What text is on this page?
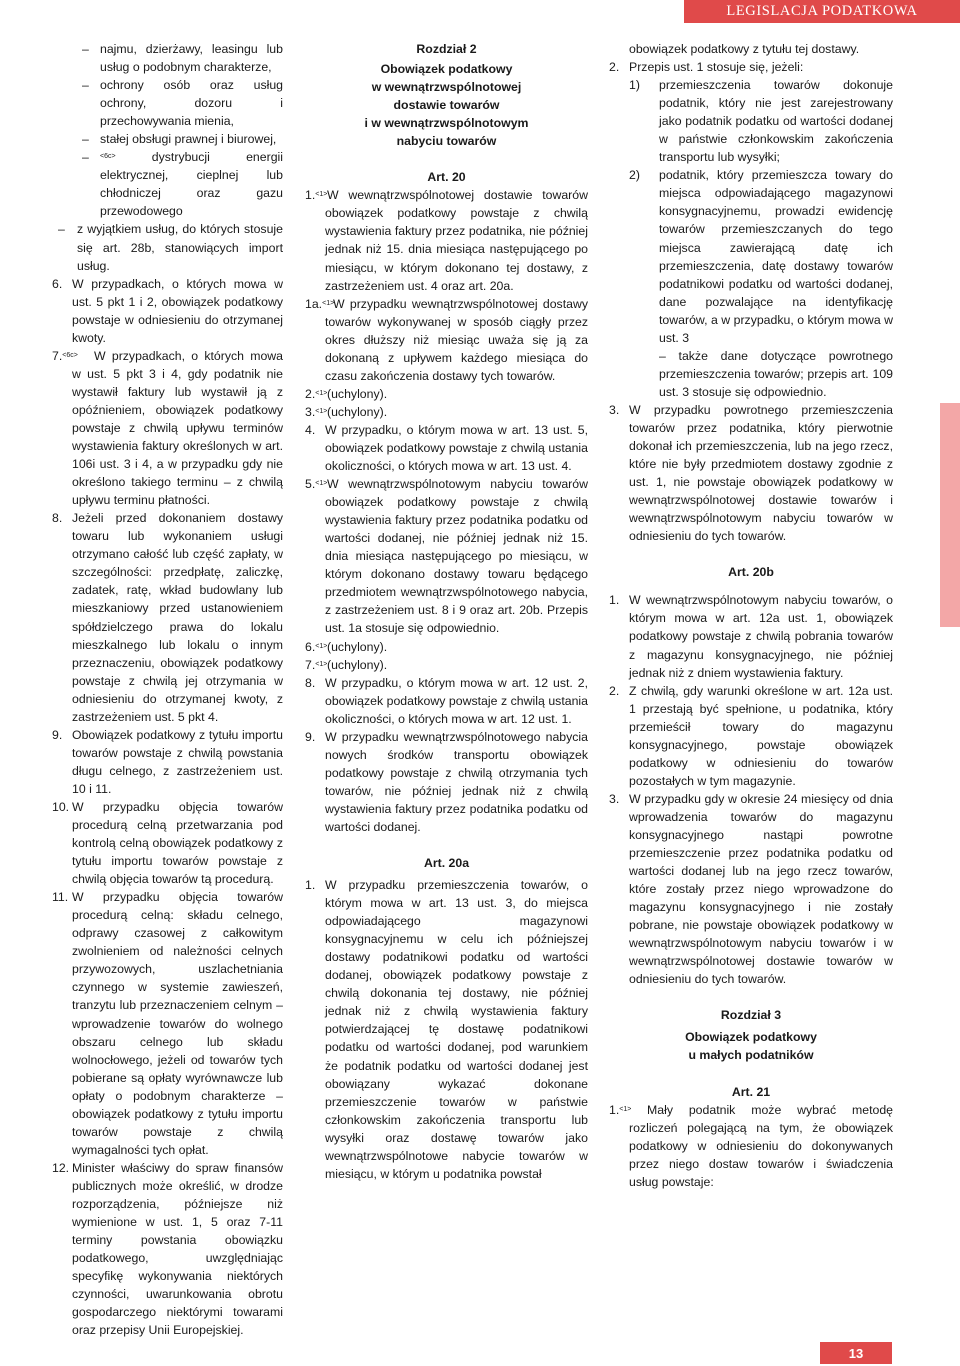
LEGISLACJA PODATKOWA

– najmu, dzierżawy, leasingu lub usług o podobnym charakterze,

– ochrony osób oraz usług ochrony, dozoru i przechowywania mienia,

– stałej obsługi prawnej i biurowej,

– $^{<6c>}$	dystrybucji energii elektrycznej, cieplnej lub chłodniczej oraz gazu przewodowego

– z wyjątkiem usług, do których stosuje się art. 28b, stanowiących import usług.

6. W przypadkach, o których mowa w ust. 5 pkt 1 i 2, obowiązek podatkowy powstaje w odniesieniu do otrzymanej kwoty.

7.$^{<6c>}$ W przypadkach, o których mowa w ust. 5 pkt 3 i 4, gdy podatnik nie wystawił faktury lub wystawił ją z opóźnieniem, obowiązek podatkowy powstaje z chwilą upływu terminów wystawienia faktury określonych w art. 106i ust. 3 i 4, a w przypadku gdy nie określono takiego terminu – z chwilą upływu terminu płatności.

8. Jeżeli przed dokonaniem dostawy towaru lub wykonaniem usługi otrzymano całość lub część zapłaty, w szczególności: przedpłatę, zaliczkę, zadatek, ratę, wkład budowlany lub mieszkaniowy przed ustanowieniem spółdzielczego prawa do lokalu mieszkalnego lub lokalu o innym przeznaczeniu, obowiązek podatkowy powstaje z chwilą jej otrzymania w odniesieniu do otrzymanej kwoty, z zastrzeżeniem ust. 5 pkt 4.

9. Obowiązek podatkowy z tytułu importu towarów powstaje z chwilą powstania długu celnego, z zastrzeżeniem ust. 10 i 11.

10. W przypadku objęcia towarów procedurą celną przetwarzania pod kontrolą celną obowiązek podatkowy z tytułu importu towarów powstaje z chwilą objęcia towarów tą procedurą.

11. W przypadku objęcia towarów procedurą celną: składu celnego, odprawy czasowej z całkowitym zwolnieniem od należności celnych przywozowych, uszlachetniania czynnego w systemie zawieszeń, tranzytu lub przeznaczeniem celnym – wprowadzenie towarów do wolnego obszaru celnego lub składu wolnocłowego, jeżeli od towarów tych pobierane są opłaty wyrównawcze lub opłaty o podobnym charakterze – obowiązek podatkowy z tytułu importu towarów powstaje z chwilą wymagalności tych opłat.

12. Minister właściwy do spraw finansów publicznych może określić, w drodze rozporządzenia, późniejsze niż wymienione w ust. 1, 5 oraz 7-11 terminy powstania obowiązku podatkowego, uwzględniając specyfikę wykonywania niektórych czynności, uwarunkowania obrotu gospodarczego niektórymi towarami oraz przepisy Unii Europejskiej.

Rozdział 2
Obowiązek podatkowy
w wewnątrzwspólnotowej
dostawie towarów
i w wewnątrzwspólnotowym
nabyciu towarów
Art. 20

1.$^{<1>}$ W wewnątrzwspólnotowej dostawie towarów obowiązek podatkowy powstaje z chwilą wystawienia faktury przez podatnika, nie później jednak niż 15. dnia miesiąca następującego po miesiącu, w którym dokonano tej dostawy, z zastrzeżeniem ust. 4 oraz art. 20a.

1a.$^{<1>}$
W przypadku wewnątrzwspólnotowej dostawy towarów wykonywanej w sposób ciągły przez okres dłuższy niż miesiąc uważa się ją za dokonaną z upływem każdego miesiąca do czasu zakończenia dostawy tych towarów.

2.$^{<1>}$ (uchylony).

3.$^{<1>}$ (uchylony).

4. W przypadku, o którym mowa w art. 13 ust. 5, obowiązek podatkowy powstaje z chwilą ustania okoliczności, o których mowa w art. 13 ust. 4.

5.$^{<1>}$ W wewnątrzwspólnotowym nabyciu towarów obowiązek podatkowy powstaje z chwilą wystawienia faktury przez podatnika podatku od wartości dodanej, nie później jednak niż 15. dnia miesiąca następującego po miesiącu, w którym dokonano dostawy towaru będącego przedmiotem wewnątrzwspólnotowego nabycia, z zastrzeżeniem ust. 8 i 9 oraz art. 20b. Przepis ust. 1a stosuje się odpowiednio.

6.$^{<1>}$ (uchylony).

7.$^{<1>}$ (uchylony).

8. W przypadku, o którym mowa w art. 12 ust. 2, obowiązek podatkowy powstaje z chwilą ustania okoliczności, o których mowa w art. 12 ust. 1.

9. W przypadku wewnątrzwspólnotowego nabycia nowych środków transportu obowiązek podatkowy powstaje z chwilą otrzymania tych towarów, nie później jednak niż z chwilą wystawienia faktury przez podatnika podatku od wartości dodanej.

Art. 20a

1. W przypadku przemieszczenia towarów, o którym mowa w art. 13 ust. 3, do miejsca odpowiadającego magazynowi konsygnacyjnemu w celu ich późniejszej dostawy podatnikowi podatku od wartości dodanej, obowiązek podatkowy powstaje z chwilą dokonania tej dostawy, nie później jednak niż z chwilą wystawienia faktury potwierdzającej tę dostawę podatnikowi podatku od wartości dodanej, pod warunkiem że podatnik podatku od wartości dodanej jest obowiązany wykazać dokonane przemieszczenie towarów w państwie członkowskim zakończenia transportu lub wysyłki oraz dostawę towarów jako wewnątrzwspólnotowe nabycie towarów w miesiącu, w którym u podatnika powstał

obowiązek podatkowy z tytułu tej dostawy.

2. Przepis ust. 1 stosuje się, jeżeli:

1) przemieszczenia towarów dokonuje podatnik, który nie jest zarejestrowany jako podatnik podatku od wartości dodanej w państwie członkowskim zakończenia transportu lub wysyłki;

2) podatnik, który przemieszcza towary do miejsca odpowiadającego magazynowi konsygnacyjnemu, prowadzi ewidencję towarów przemieszczanych do tego miejsca zawierającą datę ich przemieszczenia, datę dostawy towarów podatnikowi podatku od wartości dodanej, dane pozwalające na identyfikację towarów, a w przypadku, o którym mowa w ust. 3

– także dane dotyczące powrotnego przemieszczenia towarów; przepis art. 109 ust. 3 stosuje się odpowiednio.

3. W przypadku powrotnego przemieszczenia towarów przez podatnika, który pierwotnie dokonał ich przemieszczenia, lub na jego rzecz, które nie były przedmiotem dostawy zgodnie z ust. 1, nie powstaje obowiązek podatkowy w wewnątrzwspólnotowej dostawie towarów i wewnątrzwspólnotowym nabyciu towarów w odniesieniu do tych towarów.

Art. 20b

1. W wewnątrzwspólnotowym nabyciu towarów, o którym mowa w art. 12a ust. 1, obowiązek podatkowy powstaje z chwilą pobrania towarów z magazynu konsygnacyjnego, nie później jednak niż z dniem wystawienia faktury.

2. Z chwilą, gdy warunki określone w art. 12a ust. 1 przestają być spełnione, u podatnika, który przemieścił towary do magazynu konsygnacyjnego, powstaje obowiązek podatkowy w odniesieniu do towarów pozostałych w tym magazynie.

3. W przypadku gdy w okresie 24 miesięcy od dnia wprowadzenia towarów do magazynu konsygnacyjnego nastąpi powrotne przemieszczenie przez podatnika podatku od wartości dodanej lub na jego rzecz towarów, które zostały przez niego wprowadzone do magazynu konsygnacyjnego i nie zostały pobrane, nie powstaje obowiązek podatkowy w wewnątrzwspólnotowym nabyciu towarów i w wewnątrzwspólnotowej dostawie towarów w odniesieniu do tych towarów.

Rozdział 3
Obowiązek podatkowy
u małych podatników
Art. 21

1.$^{<1>}$ Mały podatnik może wybrać metodę rozliczeń polegającą na tym, że obowiązek podatkowy w odniesieniu do dokonywanych przez niego dostaw towarów i świadczenia usług powstaje:

13
